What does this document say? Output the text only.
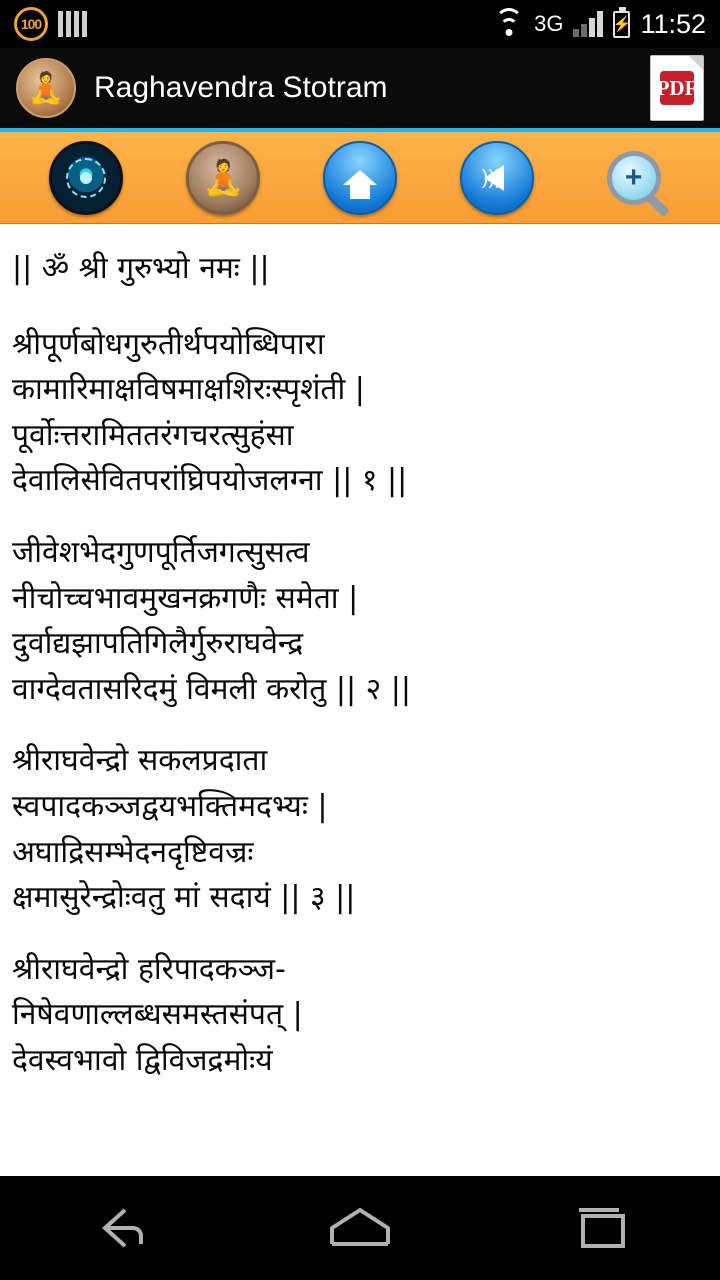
100	3G	⚡ 11:52
🧘 Raghavendra Stotram	PDF
🧘	)))	+
|| ॐ श्री गुरुभ्यो नमः ||
श्रीपूर्णबोधगुरुतीर्थपयोब्धिपारा
कामारिमाक्षविषमाक्षशिरःस्पृशंती |
पूर्वोःत्तरामिततरंगचरत्सुहंसा
देवालिसेवितपरांघ्रिपयोजलग्ना || १ ||
जीवेशभेदगुणपूर्तिजगत्सुसत्व
नीचोच्चभावमुखनक्रगणैः समेता |
दुर्वाद्यझापतिगिलैर्गुरुराघवेन्द्र
वाग्देवतासरिदमुं विमली करोतु || २ ||
श्रीराघवेन्द्रो सकलप्रदाता
स्वपादकञ्जद्वयभक्तिमदभ्यः |
अघाद्रिसम्भेदनदृष्टिवज्रः
क्षमासुरेन्द्रोःवतु मां सदायं || ३ ||
श्रीराघवेन्द्रो हरिपादकञ्ज-
निषेवणाल्लब्धसमस्तसंपत् |
देवस्वभावो द्विविजद्रमोःयं
